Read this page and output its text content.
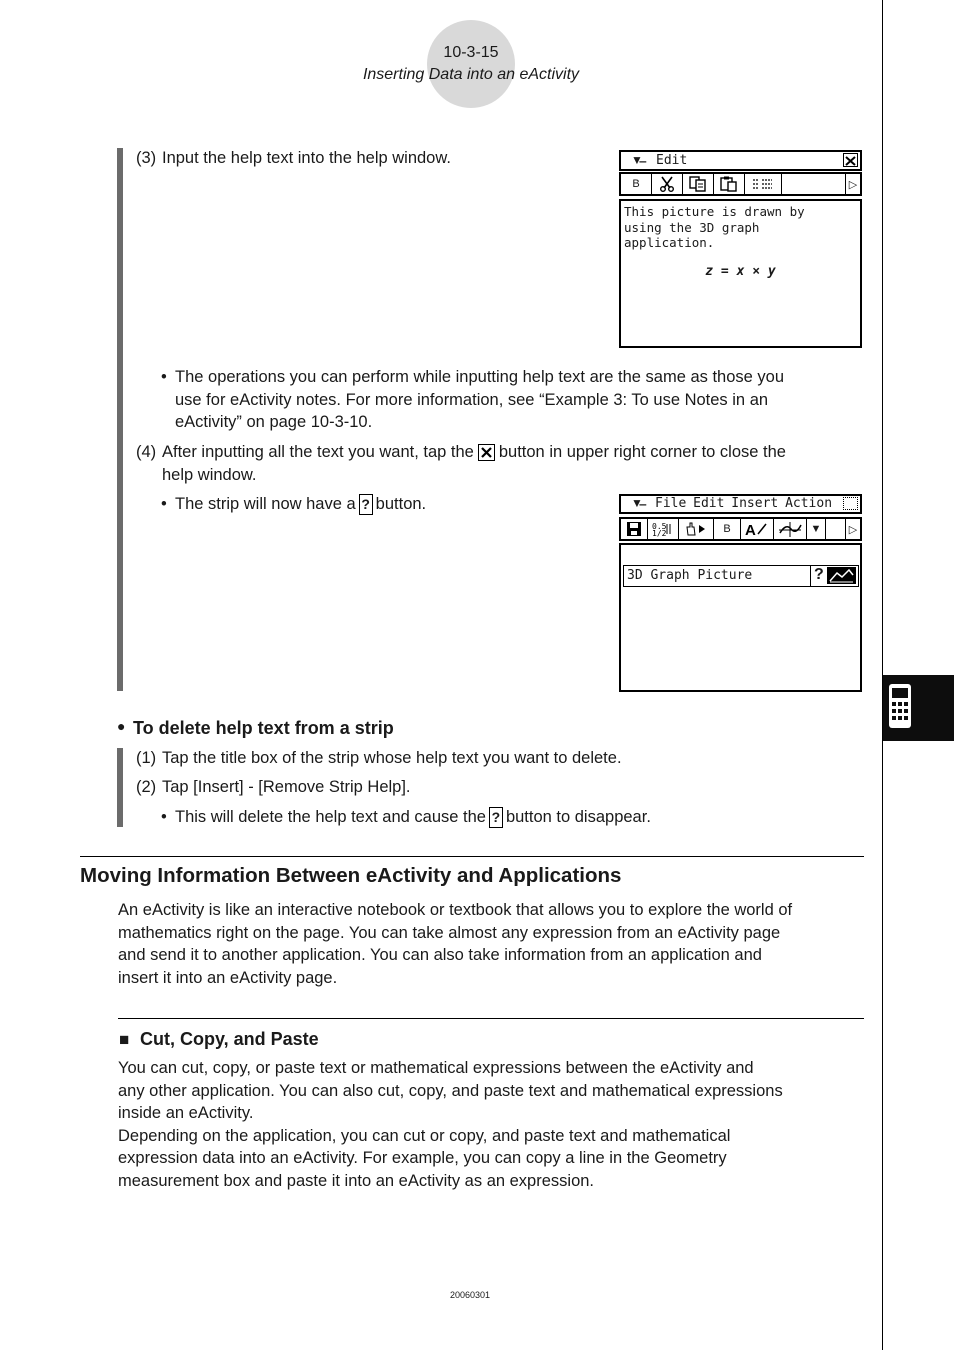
10-3-15
Inserting Data into an eActivity
(3) Input the help text into the help window.	▼̶ Edit
B	▷
This picture is drawn by
using the 3D graph
application.
z = x × y
• The operations you can perform while inputting help text are the same as those you
use for eActivity notes. For more information, see “Example 3: To use Notes in an
eActivity” on page 10-3-10.
(4) After inputting all the text you want, tap the button in upper right corner to close the
help window.
• The strip will now have a ? button.	▼̶ File Edit Insert Action
0.5
1/2	B A	▼	▷
3D Graph Picture	?
● To delete help text from a strip
(1) Tap the title box of the strip whose help text you want to delete.
(2) Tap [Insert] - [Remove Strip Help].
• This will delete the help text and cause the ? button to disappear.
Moving Information Between eActivity and Applications
An eActivity is like an interactive notebook or textbook that allows you to explore the world of
mathematics right on the page. You can take almost any expression from an eActivity page
and send it to another application. You can also take information from an application and
insert it into an eActivity page.
■ Cut, Copy, and Paste
You can cut, copy, or paste text or mathematical expressions between the eActivity and
any other application. You can also cut, copy, and paste text and mathematical expressions
inside an eActivity.
Depending on the application, you can cut or copy, and paste text and mathematical
expression data into an eActivity. For example, you can copy a line in the Geometry
measurement box and paste it into an eActivity as an expression.
20060301
